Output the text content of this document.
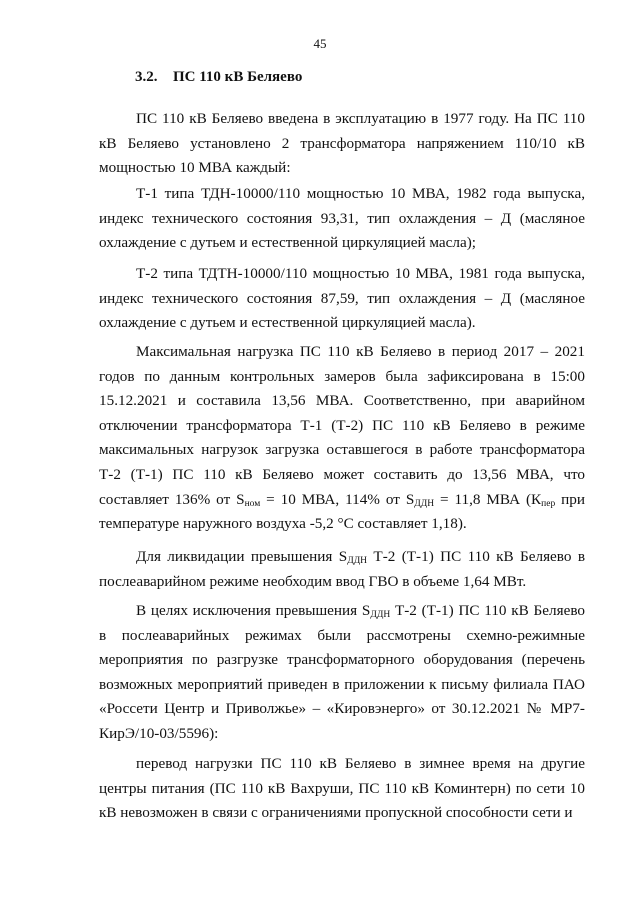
45
3.2. ПС 110 кВ Беляево

ПС 110 кВ Беляево введена в эксплуатацию в 1977 году. На ПС 110 кВ Беляево установлено 2 трансформатора напряжением 110/10 кВ мощностью 10 МВА каждый:

Т-1 типа ТДН-10000/110 мощностью 10 МВА, 1982 года выпуска, индекс технического состояния 93,31, тип охлаждения – Д (масляное охлаждение с дутьем и естественной циркуляцией масла);

Т-2 типа ТДТН-10000/110 мощностью 10 МВА, 1981 года выпуска, индекс технического состояния 87,59, тип охлаждения – Д (масляное охлаждение с дутьем и естественной циркуляцией масла).

Максимальная нагрузка ПС 110 кВ Беляево в период 2017 – 2021 годов по данным контрольных замеров была зафиксирована в 15:00 15.12.2021 и составила 13,56 МВА. Соответственно, при аварийном отключении трансформатора Т-1 (Т-2) ПС 110 кВ Беляево в режиме максимальных нагрузок загрузка оставшегося в работе трансформатора Т-2 (Т-1) ПС 110 кВ Беляево может составить до 13,56 МВА, что составляет 136% от $S_{ном} = 10$ МВА, 114% от $S_{ДДН} = 11,8$ МВА ($К_{пер}$ при температуре наружного воздуха -5,2 °С составляет 1,18).

Для ликвидации превышения $S_{ДДН}$ Т-2 (Т-1) ПС 110 кВ Беляево в послеаварийном режиме необходим ввод ГВО в объеме 1,64 МВт.

В целях исключения превышения $S_{ДДН}$ Т-2 (Т-1) ПС 110 кВ Беляево в послеаварийных режимах были рассмотрены схемно-режимные мероприятия по разгрузке трансформаторного оборудования (перечень возможных мероприятий приведен в приложении к письму филиала ПАО «Россети Центр и Приволжье» – «Кировэнерго» от 30.12.2021 № МР7-КирЭ/10-03/5596):

перевод нагрузки ПС 110 кВ Беляево в зимнее время на другие центры питания (ПС 110 кВ Вахруши, ПС 110 кВ Коминтерн) по сети 10 кВ невозможен в связи с ограничениями пропускной способности сети и
